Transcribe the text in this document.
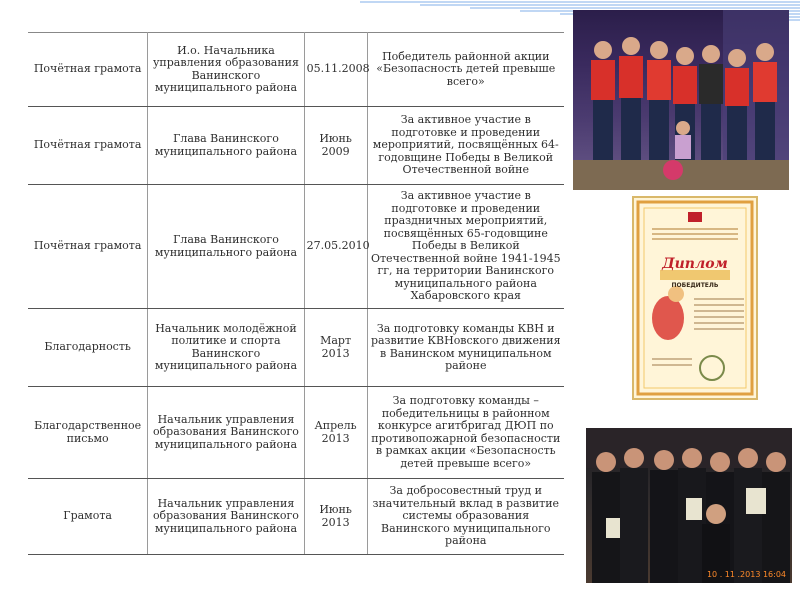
Почётная грамота	И.о. Начальника управления образования Ванинского муниципального района	05.11.2008	Победитель районной акции «Безопасность детей превыше всего»
Почётная грамота	Глава Ванинского муниципального района	Июнь 2009	За активное участие в подготовке и проведении мероприятий, посвящённых 64- годовщине Победы в Великой Отечественной войне
Почётная грамота	Глава Ванинского муниципального района	27.05.2010	За активное участие в подготовке и проведении праздничных мероприятий, посвящённых 65-годовщине Победы в Великой Отечественной войне 1941-1945 гг, на территории Ванинского муниципального района Хабаровского края
Благодарность	Начальник молодёжной политике и спорта Ванинского муниципального района	Март 2013	За подготовку команды КВН и развитие КВНовского движения в Ванинском муниципальном районе
Благодарственное письмо	Начальник управления образования Ванинского муниципального района	Апрель 2013	За подготовку команды – победительницы в районном конкурсе агитбригад ДЮП по противопожарной безопасности в рамках акции «Безопасность детей превыше всего»
Грамота	Начальник управления образования Ванинского муниципального района	Июнь 2013	За добросовестный труд и значительный вклад в развитие системы образования Ванинского муниципального района
Диплом
ПОБЕДИТЕЛЬ
10 . 11 .2013 16:04
